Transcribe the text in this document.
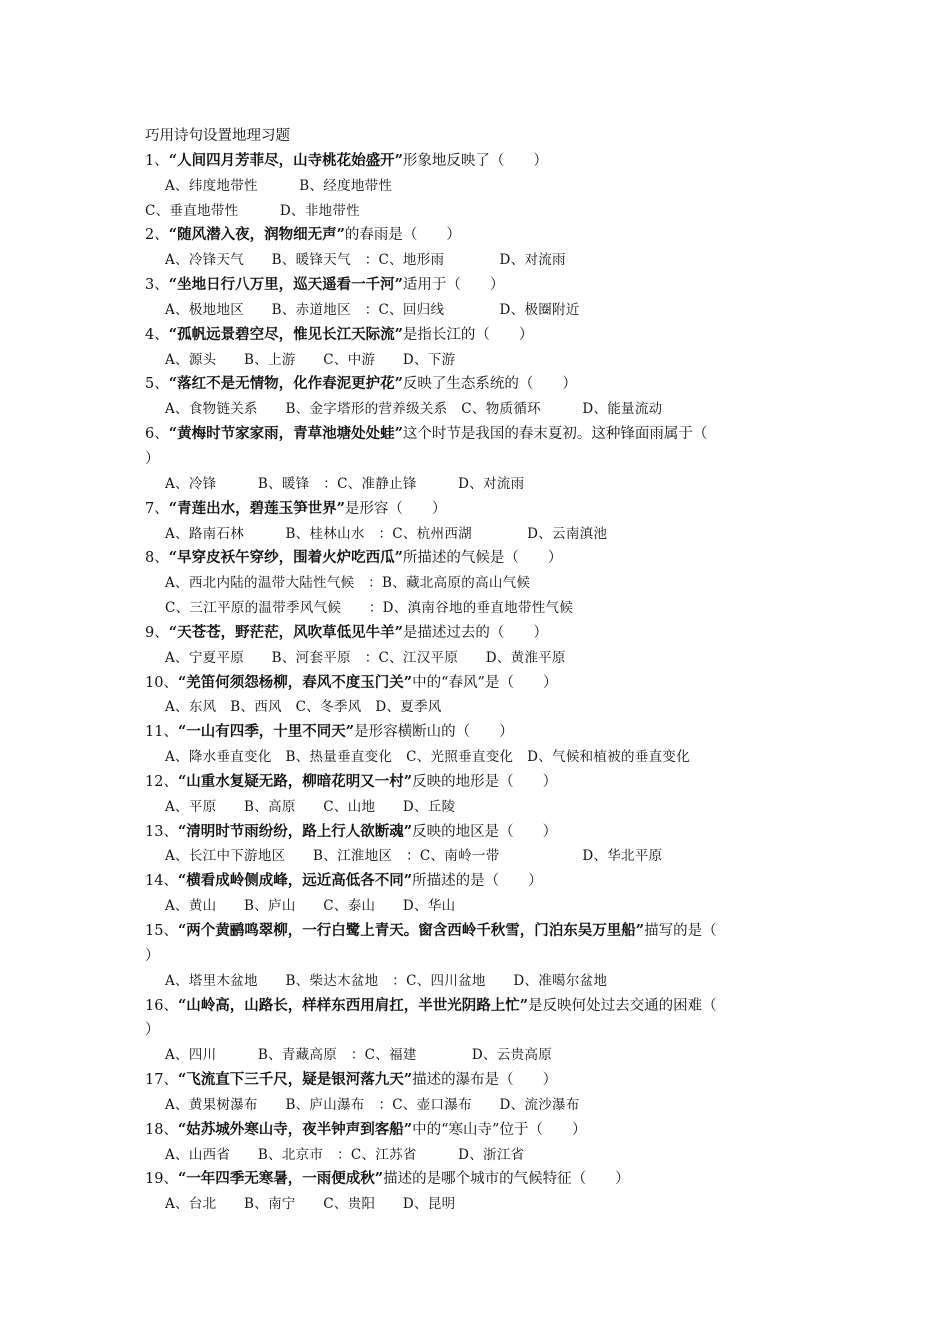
巧用诗句设置地理习题
1、“人间四月芳菲尽，山寺桃花始盛开”形象地反映了（　　）
A、纬度地带性　　　B、经度地带性
C、垂直地带性　　　D、非地带性
2、“随风潜入夜，润物细无声”的春雨是（　　）
A、冷锋天气　　B、暖锋天气　：C、地形雨　　　　D、对流雨
3、“坐地日行八万里，巡天遥看一千河”适用于（　　）
A、极地地区　　B、赤道地区　：C、回归线　　　　D、极圈附近
4、“孤帆远景碧空尽，惟见长江天际流”是指长江的（　　）
A、源头　　B、上游　　C、中游　　D、下游
5、“落红不是无情物，化作春泥更护花”反映了生态系统的（　　）
A、食物链关系　　B、金字塔形的营养级关系　C、物质循环　　　D、能量流动
6、“黄梅时节家家雨，青草池塘处处蛙”这个时节是我国的春末夏初。这种锋面雨属于（
）
A、冷锋　　　B、暖锋　：C、准静止锋　　　D、对流雨
7、“青莲出水，碧莲玉笋世界”是形容（　　）
A、路南石林　　　B、桂林山水　：C、杭州西湖　　　　D、云南滇池
8、“早穿皮袄午穿纱，围着火炉吃西瓜”所描述的气候是（　　）
A、西北内陆的温带大陆性气候　：B、藏北高原的高山气候
C、三江平原的温带季风气候　　：D、滇南谷地的垂直地带性气候
9、“天苍苍，野茫茫，风吹草低见牛羊”是描述过去的（　　）
A、宁夏平原　　B、河套平原　：C、江汉平原　　D、黄淮平原
10、“羌笛何须怨杨柳，春风不度玉门关”中的“春风”是（　　）
A、东风　B、西风　C、冬季风　D、夏季风
11、“一山有四季，十里不同天”是形容横断山的（　　）
A、降水垂直变化　B、热量垂直变化　C、光照垂直变化　D、气候和植被的垂直变化
12、“山重水复疑无路，柳暗花明又一村”反映的地形是（　　）
A、平原　　B、高原　　C、山地　　D、丘陵
13、“清明时节雨纷纷，路上行人欲断魂”反映的地区是（　　）
A、长江中下游地区　　B、江淮地区　：C、南岭一带　　　　　　D、华北平原
14、“横看成岭侧成峰，远近高低各不同”所描述的是（　　）
A、黄山　　B、庐山　　C、泰山　　D、华山
15、“两个黄鹂鸣翠柳，一行白鹭上青天。窗含西岭千秋雪，门泊东吴万里船”描写的是（
）
A、塔里木盆地　　B、柴达木盆地　：C、四川盆地　　D、准噶尔盆地
16、“山岭高，山路长，样样东西用肩扛，半世光阴路上忙”是反映何处过去交通的困难（
）
A、四川　　　B、青藏高原　：C、福建　　　　D、云贵高原
17、“飞流直下三千尺，疑是银河落九天”描述的瀑布是（　　）
A、黄果树瀑布　　B、庐山瀑布　：C、壶口瀑布　　D、流沙瀑布
18、“姑苏城外寒山寺，夜半钟声到客船”中的“寒山寺”位于（　　）
A、山西省　　B、北京市　：C、江苏省　　　D、浙江省
19、“一年四季无寒暑，一雨便成秋”描述的是哪个城市的气候特征（　　）
A、台北　　B、南宁　　C、贵阳　　D、昆明
